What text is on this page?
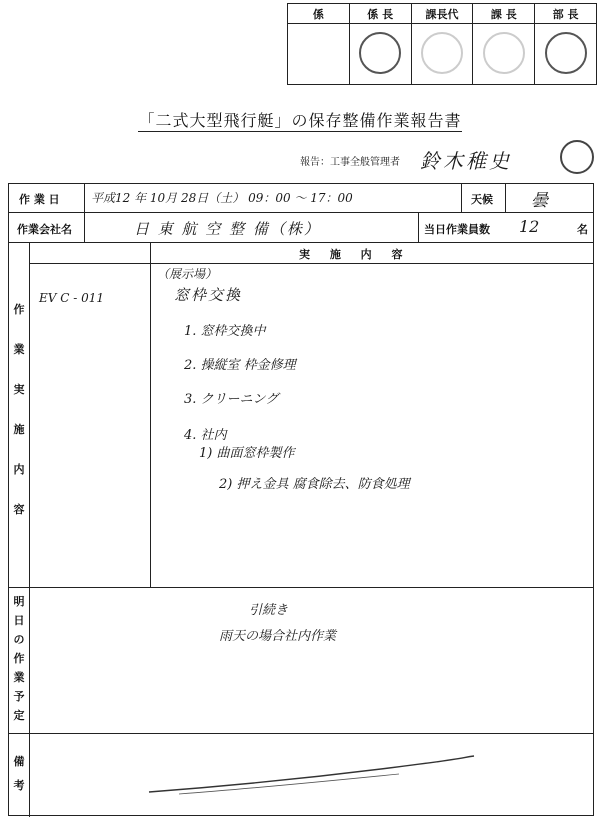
係	係 長	課長代	課 長	部 長

「二式大型飛行艇」の保存整備作業報告書
報告：工事全般管理者 鈴木稚史
作 業 日	平成12 年 10月 28日（土） 09：00 〜 17：00	天候 曇
作業会社名	日 東 航 空 整 備（株）	当日作業員数 12	名
実 施 内 容
作
業
実
施
内
容
EV C - 011
（展示場）
窓枠交換
1. 窓枠交換中
2. 操縦室 枠金修理
3. クリーニング
4. 社内
1) 曲面窓枠製作
2) 押え金具 腐食除去、防食処理
明
日
の
作
業
予
定
引続き
雨天の場合社内作業
備
考
